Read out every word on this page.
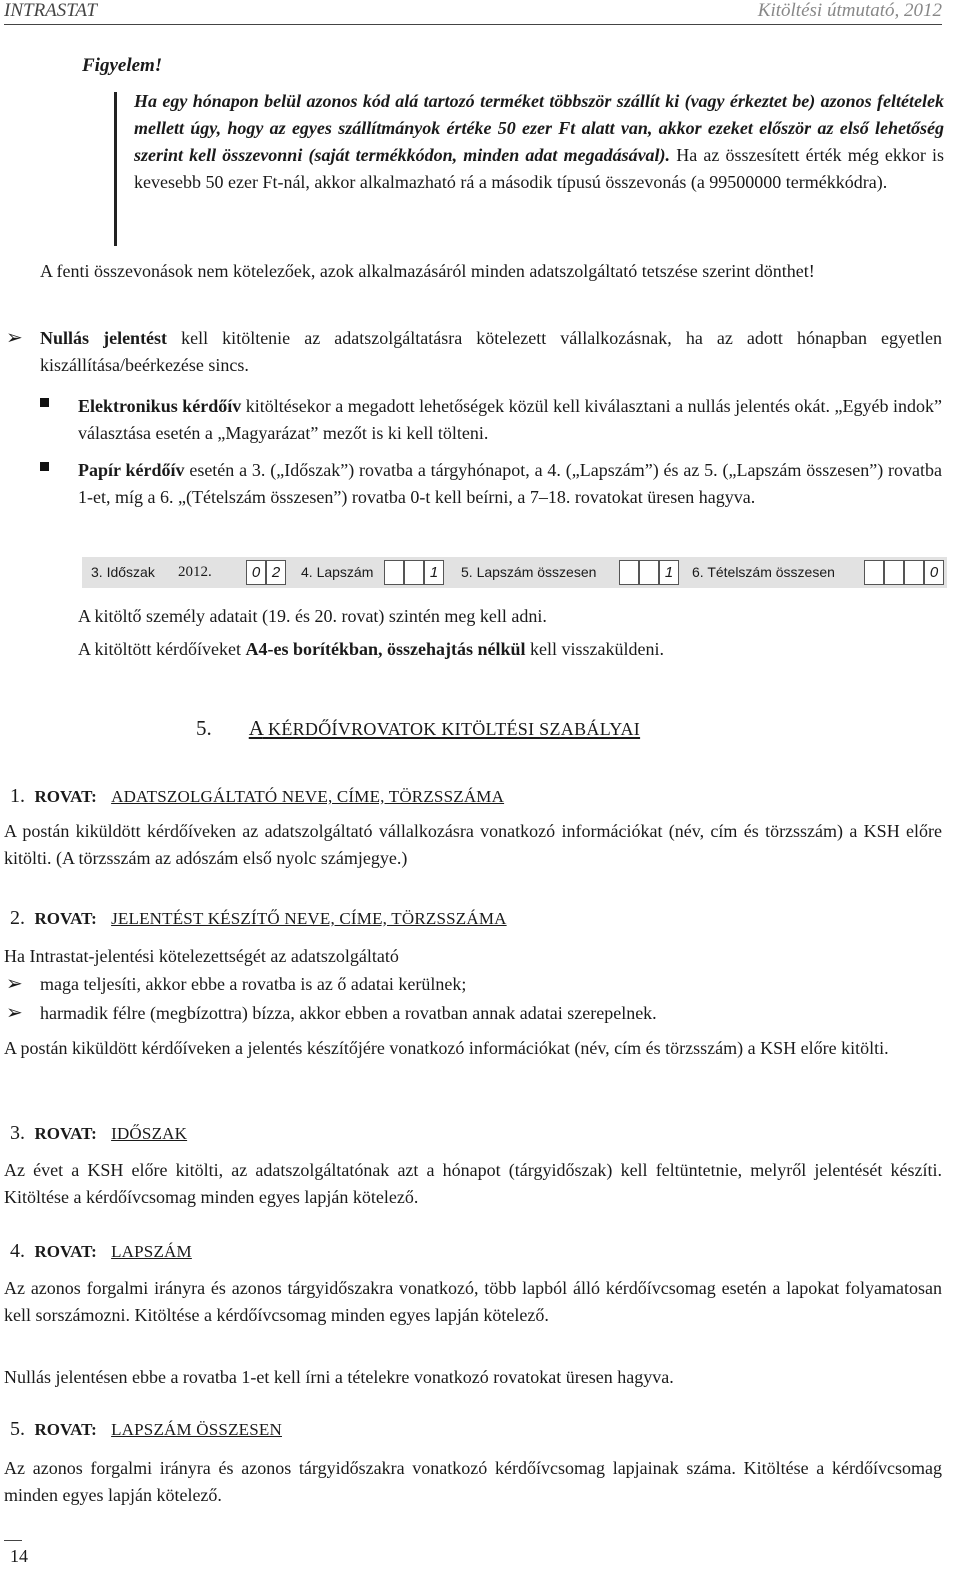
INTRASTAT	Kitöltési útmutató, 2012
Figyelem!
Ha egy hónapon belül azonos kód alá tartozó terméket többször szállít ki (vagy érkeztet be) azonos feltételek mellett úgy, hogy az egyes szállítmányok értéke 50 ezer Ft alatt van, akkor ezeket először az első lehetőség szerint kell összevonni (saját termékkódon, minden adat megadásával). Ha az összesített érték még ekkor is kevesebb 50 ezer Ft-nál, akkor alkalmazható rá a második típusú összevonás (a 99500000 termékkódra).
A fenti összevonások nem kötelezőek, azok alkalmazásáról minden adatszolgáltató tetszése szerint dönthet!
➢ Nullás jelentést kell kitöltenie az adatszolgáltatásra kötelezett vállalkozásnak, ha az adott hónapban egyetlen kiszállítása/beérkezése sincs.
Elektronikus kérdőív kitöltésekor a megadott lehetőségek közül kell kiválasztani a nullás jelentés okát. „Egyéb indok” választása esetén a „Magyarázat” mezőt is ki kell tölteni.
Papír kérdőív esetén a 3. („Időszak”) rovatba a tárgyhónapot, a 4. („Lapszám”) és az 5. („Lapszám összesen”) rovatba 1-et, míg a 6. „(Tételszám összesen”) rovatba 0-t kell beírni, a 7–18. rovatokat üresen hagyva.
3. Időszak 2012.	0 2	4. Lapszám	1	5. Lapszám összesen	1	6. Tételszám összesen	0
A kitöltő személy adatait (19. és 20. rovat) szintén meg kell adni.
A kitöltött kérdőíveket A4-es borítékban, összehajtás nélkül kell visszaküldeni.
5. A KÉRDŐÍVROVATOK KITÖLTÉSI SZABÁLYAI
1. ROVAT: ADATSZOLGÁLTATÓ NEVE, CÍME, TÖRZSSZÁMA
A postán kiküldött kérdőíveken az adatszolgáltató vállalkozásra vonatkozó információkat (név, cím és törzsszám) a KSH előre kitölti. (A törzsszám az adószám első nyolc számjegye.)
2. ROVAT: JELENTÉST KÉSZÍTŐ NEVE, CÍME, TÖRZSSZÁMA
Ha Intrastat-jelentési kötelezettségét az adatszolgáltató
➢ maga teljesíti, akkor ebbe a rovatba is az ő adatai kerülnek;
➢ harmadik félre (megbízottra) bízza, akkor ebben a rovatban annak adatai szerepelnek.
A postán kiküldött kérdőíveken a jelentés készítőjére vonatkozó információkat (név, cím és törzsszám) a KSH előre kitölti.
3. ROVAT: IDŐSZAK
Az évet a KSH előre kitölti, az adatszolgáltatónak azt a hónapot (tárgyidőszak) kell feltüntetnie, melyről jelentését készíti. Kitöltése a kérdőívcsomag minden egyes lapján kötelező.
4. ROVAT: LAPSZÁM
Az azonos forgalmi irányra és azonos tárgyidőszakra vonatkozó, több lapból álló kérdőívcsomag esetén a lapokat folyamatosan kell sorszámozni. Kitöltése a kérdőívcsomag minden egyes lapján kötelező.
Nullás jelentésen ebbe a rovatba 1-et kell írni a tételekre vonatkozó rovatokat üresen hagyva.
5. ROVAT: LAPSZÁM ÖSSZESEN
Az azonos forgalmi irányra és azonos tárgyidőszakra vonatkozó kérdőívcsomag lapjainak száma. Kitöltése a kérdőívcsomag minden egyes lapján kötelező.
14
